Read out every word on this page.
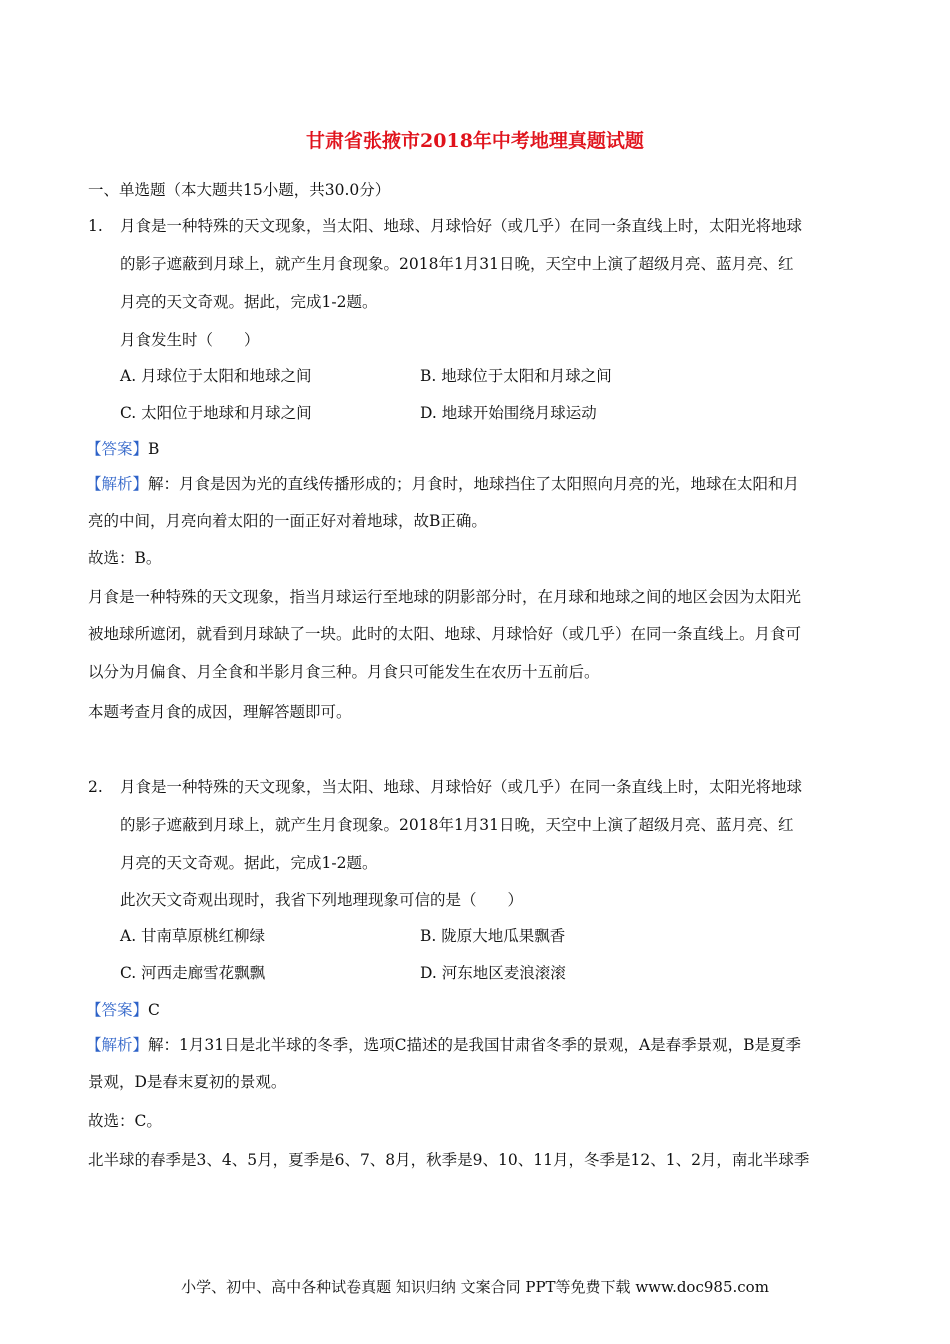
甘肃省张掖市2018年中考地理真题试题
一、单选题（本大题共15小题，共30.0分）
1. 月食是一种特殊的天文现象，当太阳、地球、月球恰好（或几乎）在同一条直线上时，太阳光将地球
的影子遮蔽到月球上，就产生月食现象。2018年1月31日晚，天空中上演了超级月亮、蓝月亮、红
月亮的天文奇观。据此，完成1-2题。
月食发生时（　　）
A. 月球位于太阳和地球之间	B. 地球位于太阳和月球之间
C. 太阳位于地球和月球之间	D. 地球开始围绕月球运动
【答案】B
【解析】解：月食是因为光的直线传播形成的；月食时，地球挡住了太阳照向月亮的光，地球在太阳和月
亮的中间，月亮向着太阳的一面正好对着地球，故B正确。
故选：B。
月食是一种特殊的天文现象，指当月球运行至地球的阴影部分时，在月球和地球之间的地区会因为太阳光
被地球所遮闭，就看到月球缺了一块。此时的太阳、地球、月球恰好（或几乎）在同一条直线上。月食可
以分为月偏食、月全食和半影月食三种。月食只可能发生在农历十五前后。
本题考查月食的成因，理解答题即可。
2. 月食是一种特殊的天文现象，当太阳、地球、月球恰好（或几乎）在同一条直线上时，太阳光将地球
的影子遮蔽到月球上，就产生月食现象。2018年1月31日晚，天空中上演了超级月亮、蓝月亮、红
月亮的天文奇观。据此，完成1-2题。
此次天文奇观出现时，我省下列地理现象可信的是（　　）
A. 甘南草原桃红柳绿	B. 陇原大地瓜果飘香
C. 河西走廊雪花飘飘	D. 河东地区麦浪滚滚
【答案】C
【解析】解：1月31日是北半球的冬季，选项C描述的是我国甘肃省冬季的景观，A是春季景观，B是夏季
景观，D是春末夏初的景观。
故选：C。
北半球的春季是3、4、5月，夏季是6、7、8月，秋季是9、10、11月，冬季是12、1、2月，南北半球季
小学、初中、高中各种试卷真题 知识归纳 文案合同 PPT等免费下载 www.doc985.com
